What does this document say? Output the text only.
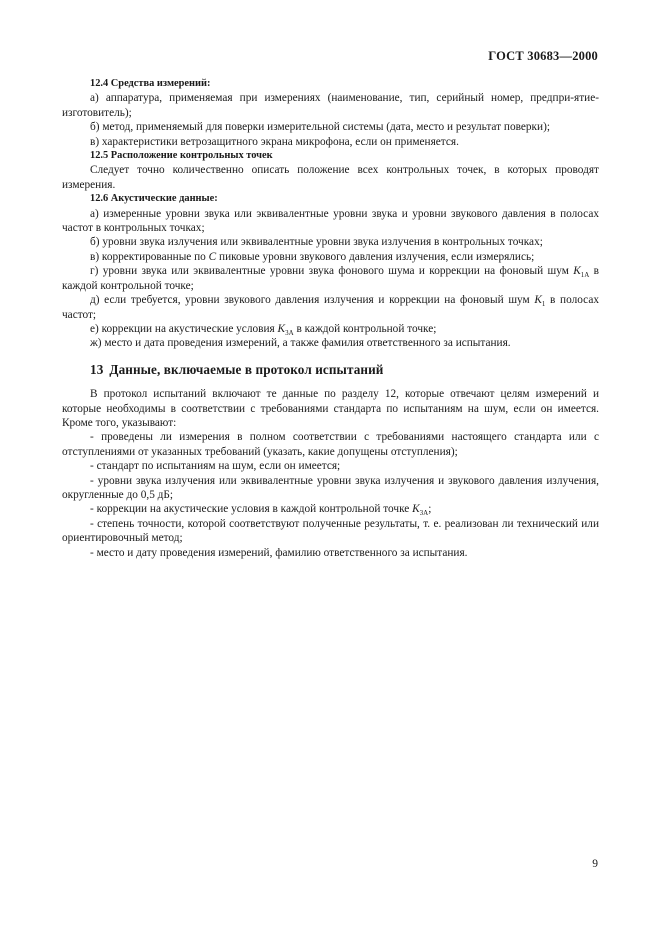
ГОСТ 30683—2000

12.4 Средства измерений:

а) аппаратура, применяемая при измерениях (наименование, тип, серийный номер, предпри-ятие-изготовитель);

б) метод, применяемый для поверки измерительной системы (дата, место и результат поверки);

в) характеристики ветрозащитного экрана микрофона, если он применяется.

12.5 Расположение контрольных точек

Следует точно количественно описать положение всех контрольных точек, в которых проводят измерения.

12.6 Акустические данные:

а) измеренные уровни звука или эквивалентные уровни звука и уровни звукового давления в полосах частот в контрольных точках;

б) уровни звука излучения или эквивалентные уровни звука излучения в контрольных точках;

в) корректированные по C пиковые уровни звукового давления излучения, если измерялись;

г) уровни звука или эквивалентные уровни звука фонового шума и коррекции на фоновый шум $K_{1A}$ в каждой контрольной точке;

д) если требуется, уровни звукового давления излучения и коррекции на фоновый шум $K_1$ в полосах частот;

е) коррекции на акустические условия $K_{3A}$ в каждой контрольной точке;

ж) место и дата проведения измерений, а также фамилия ответственного за испытания.

13 Данные, включаемые в протокол испытаний

В протокол испытаний включают те данные по разделу 12, которые отвечают целям измерений и которые необходимы в соответствии с требованиями стандарта по испытаниям на шум, если он имеется. Кроме того, указывают:

- проведены ли измерения в полном соответствии с требованиями настоящего стандарта или с отступлениями от указанных требований (указать, какие допущены отступления);

- стандарт по испытаниям на шум, если он имеется;

- уровни звука излучения или эквивалентные уровни звука излучения и звукового давления излучения, округленные до 0,5 дБ;

- коррекции на акустические условия в каждой контрольной точке $K_{3A}$;

- степень точности, которой соответствуют полученные результаты, т. е. реализован ли технический или ориентировочный метод;

- место и дату проведения измерений, фамилию ответственного за испытания.

9
